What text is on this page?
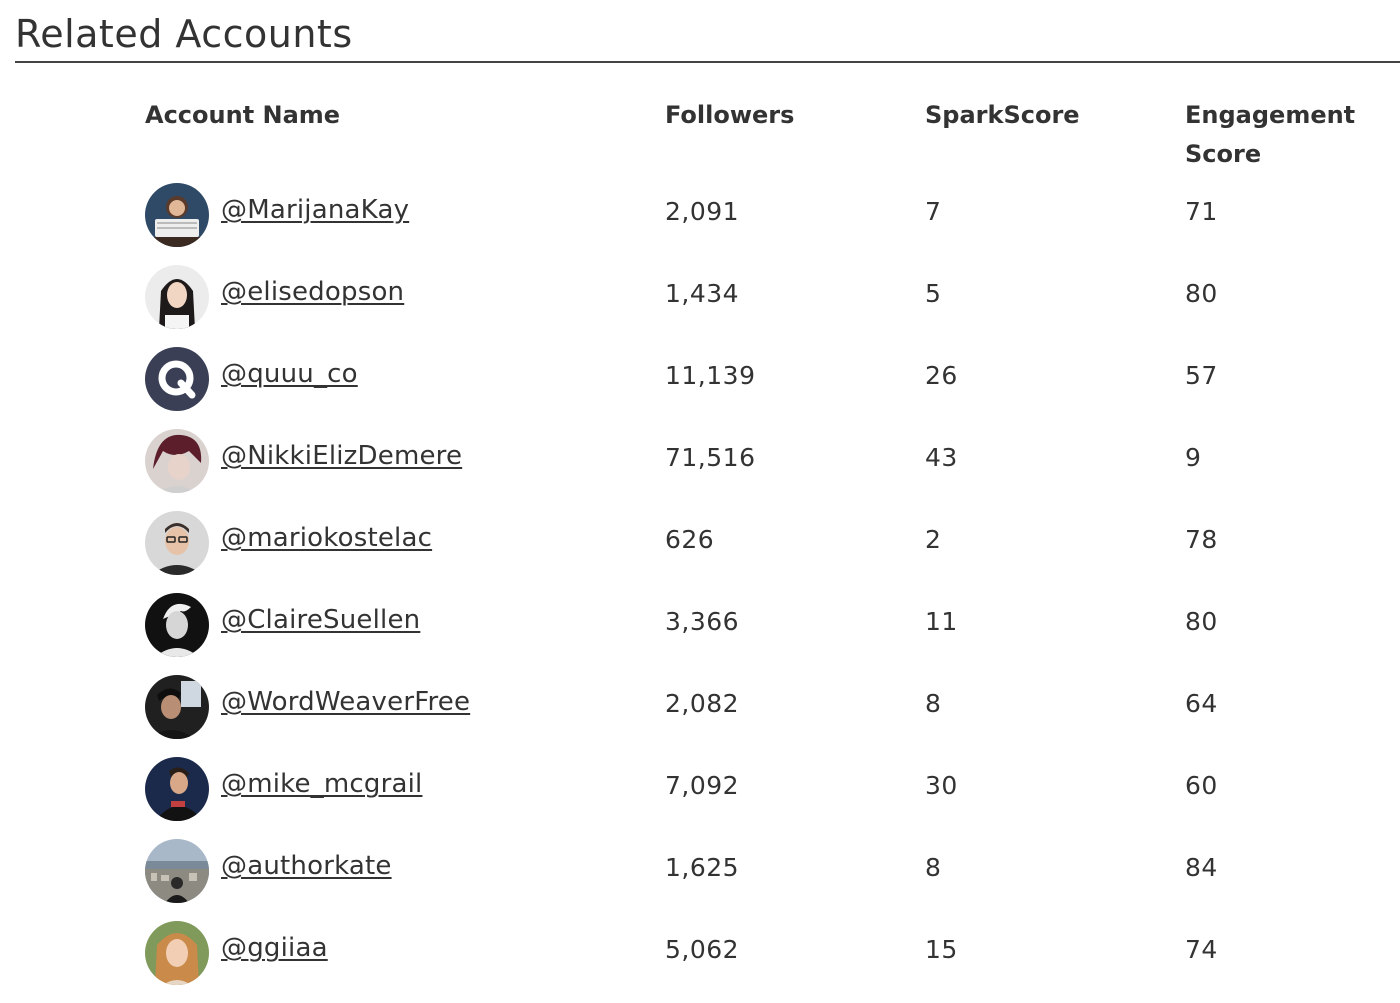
Related Accounts
Account Name	Followers	SparkScore	Engagement
Score
@MarijanaKay	2,091	7	71
@elisedopson	1,434	5	80
@quuu_co	11,139	26	57
@NikkiElizDemere	71,516	43	9
@mariokostelac	626	2	78
@ClaireSuellen	3,366	11	80
@WordWeaverFree	2,082	8	64
@mike_mcgrail	7,092	30	60
@authorkate	1,625	8	84
@ggiiaa	5,062	15	74
